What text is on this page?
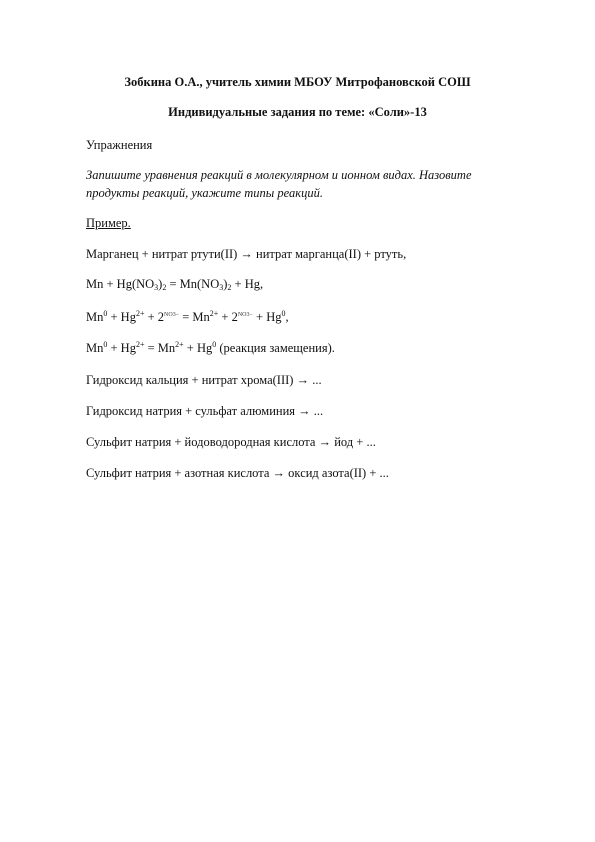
Зобкина О.А., учитель химии МБОУ Митрофановской СОШ
Индивидуальные задания по теме: «Соли»-13
Упражнения
Запишите уравнения реакций в молекулярном и ионном видах. Назовите
продукты реакций, укажите типы реакций.
Пример.
Марганец + нитрат ртути(II) → нитрат марганца(II) + ртуть,
$Mn + Hg(NO_3)_2 = Mn(NO_3)_2 + Hg$,
$Mn^0 + Hg^{2+} + 2^{NO3-} = Mn^{2+} + 2^{NO3-} + Hg^0$,
$Mn^0 + Hg^{2+} = Mn^{2+} + Hg^0$ (реакция замещения).
Гидроксид кальция + нитрат хрома(III) → ...
Гидроксид натрия + сульфат алюминия → ...
Сульфит натрия + йодоводородная кислота → йод + ...
Сульфит натрия + азотная кислота → оксид азота(II) + ...
